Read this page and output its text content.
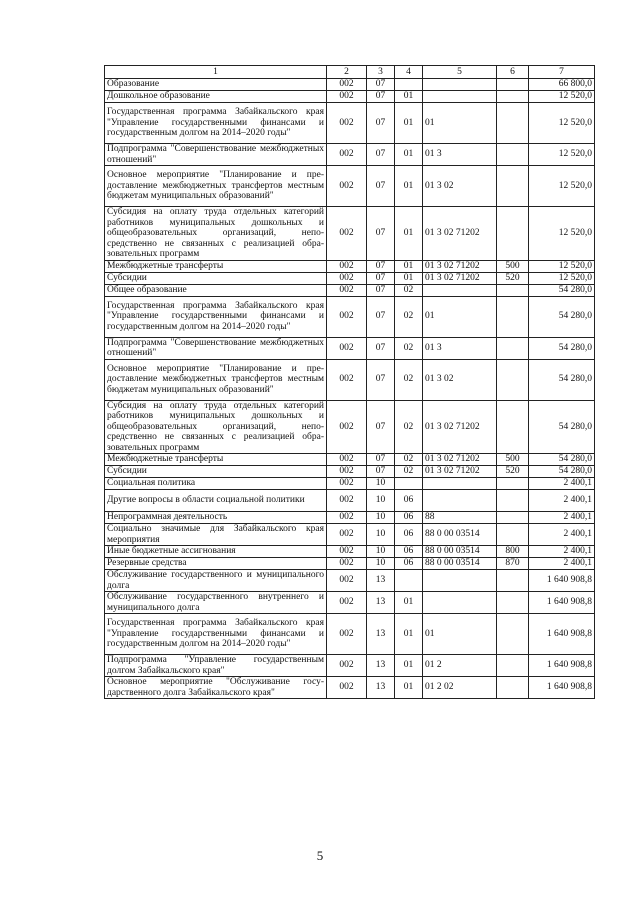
1	2	3	4	5	6	7
Образование	002	07				66 800,0
Дошкольное образование	002	07	01			12 520,0
Государственная программа Забайкальского края "Управление государственными финансами и государственным долгом на 2014–2020 годы"	002	07	01	01		12 520,0
Подпрограмма "Совершенствование межбюджетных отношений"	002	07	01	01 3		12 520,0
Основное мероприятие "Планирование и предоставление межбюджетных трансфертов местным бюджетам муниципальных образований"	002	07	01	01 3 02		12 520,0
Субсидия на оплату труда отдельных категорий работников муниципальных дошкольных и общеобразовательных организаций, непосредственно не связанных с реализацией образовательных программ	002	07	01	01 3 02 71202		12 520,0
Межбюджетные трансферты	002	07	01	01 3 02 71202	500	12 520,0
Субсидии	002	07	01	01 3 02 71202	520	12 520,0
Общее образование	002	07	02			54 280,0
Государственная программа Забайкальского края "Управление государственными финансами и государственным долгом на 2014–2020 годы"	002	07	02	01		54 280,0
Подпрограмма "Совершенствование межбюджетных отношений"	002	07	02	01 3		54 280,0
Основное мероприятие "Планирование и предоставление межбюджетных трансфертов местным бюджетам муниципальных образований"	002	07	02	01 3 02		54 280,0
Субсидия на оплату труда отдельных категорий работников муниципальных дошкольных и общеобразовательных организаций, непосредственно не связанных с реализацией образовательных программ	002	07	02	01 3 02 71202		54 280,0
Межбюджетные трансферты	002	07	02	01 3 02 71202	500	54 280,0
Субсидии	002	07	02	01 3 02 71202	520	54 280,0
Социальная политика	002	10				2 400,1
Другие вопросы в области социальной политики	002	10	06			2 400,1
Непрограммная деятельность	002	10	06	88		2 400,1
Социально значимые для Забайкальского края мероприятия	002	10	06	88 0 00 03514		2 400,1
Иные бюджетные ассигнования	002	10	06	88 0 00 03514	800	2 400,1
Резервные средства	002	10	06	88 0 00 03514	870	2 400,1
Обслуживание государственного и муниципального долга	002	13				1 640 908,8
Обслуживание государственного внутреннего и муниципального долга	002	13	01			1 640 908,8
Государственная программа Забайкальского края "Управление государственными финансами и государственным долгом на 2014–2020 годы"	002	13	01	01		1 640 908,8
Подпрограмма "Управление государственным долгом Забайкальского края"	002	13	01	01 2		1 640 908,8
Основное мероприятие "Обслуживание государственного долга Забайкальского края"	002	13	01	01 2 02		1 640 908,8
5
